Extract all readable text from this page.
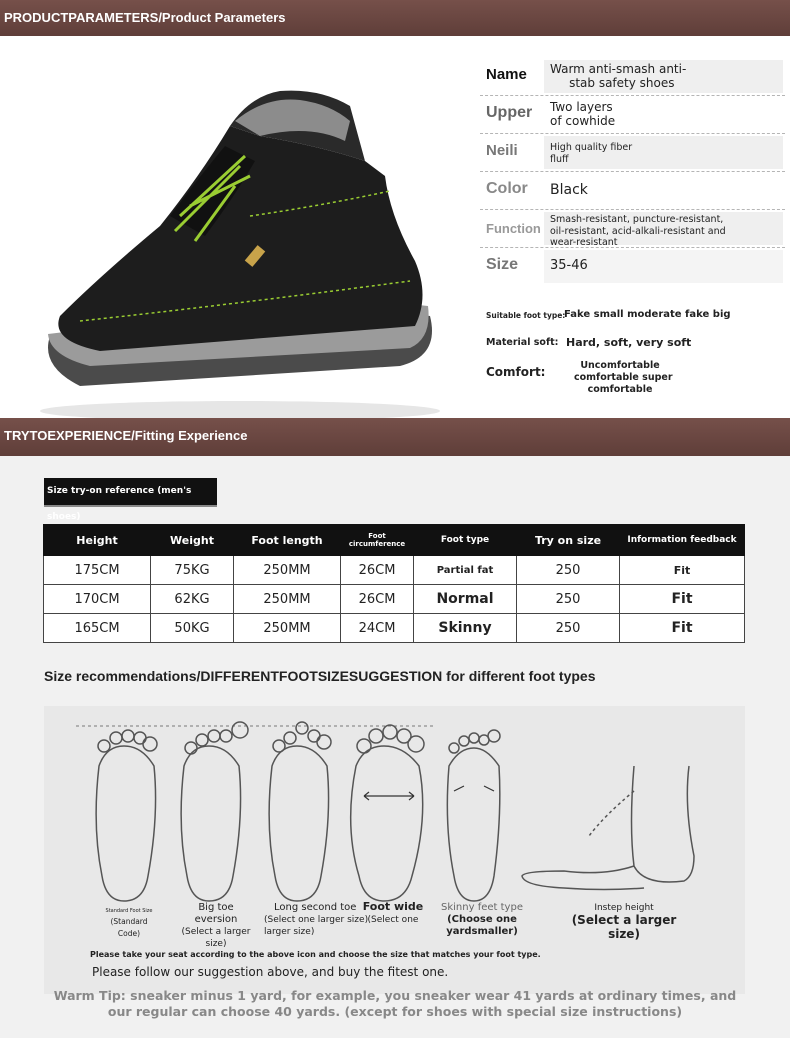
PRODUCTPARAMETERS/Product Parameters
Name	Warm anti-smash anti-
stab safety shoes
Upper	Two layers
of cowhide
Neili	High quality fiber
fluff
Color	Black
Function
Smash-resistant, puncture-resistant,
oil-resistant, acid-alkali-resistant and
wear-resistant
Size	35-46
Suitable foot type:
Fake small moderate fake big
Material soft: Hard, soft, very soft
Comfort:	Uncomfortable
comfortable super
comfortable
TRYTOEXPERIENCE/Fitting Experience
Size try-on reference (men's shoes)
Height	Weight	Foot length	Foot circumference	Foot type	Try on size	Information feedback
175CM	75KG	250MM	26CM	Partial fat	250	Fit
170CM	62KG	250MM	26CM	Normal	250	Fit
165CM	50KG	250MM	24CM	Skinny	250	Fit
Size recommendations/DIFFERENTFOOTSIZESUGGESTION for different foot types
Standard Foot Size
(Standard
Code)
Big toe eversion
(Select a larger
size)
Long second toe
(Select one larger size)
larger size)
Foot wide
(Select one
Skinny feet type
(Choose one
yardsmaller)
Instep height
(Select a larger size)
Please take your seat according to the above icon and choose the size that matches your foot type.
Please follow our suggestion above, and buy the fitest one.
Warm Tip: sneaker minus 1 yard, for example, you sneaker wear 41 yards at ordinary times, and our regular can choose 40 yards. (except for shoes with special size instructions)
